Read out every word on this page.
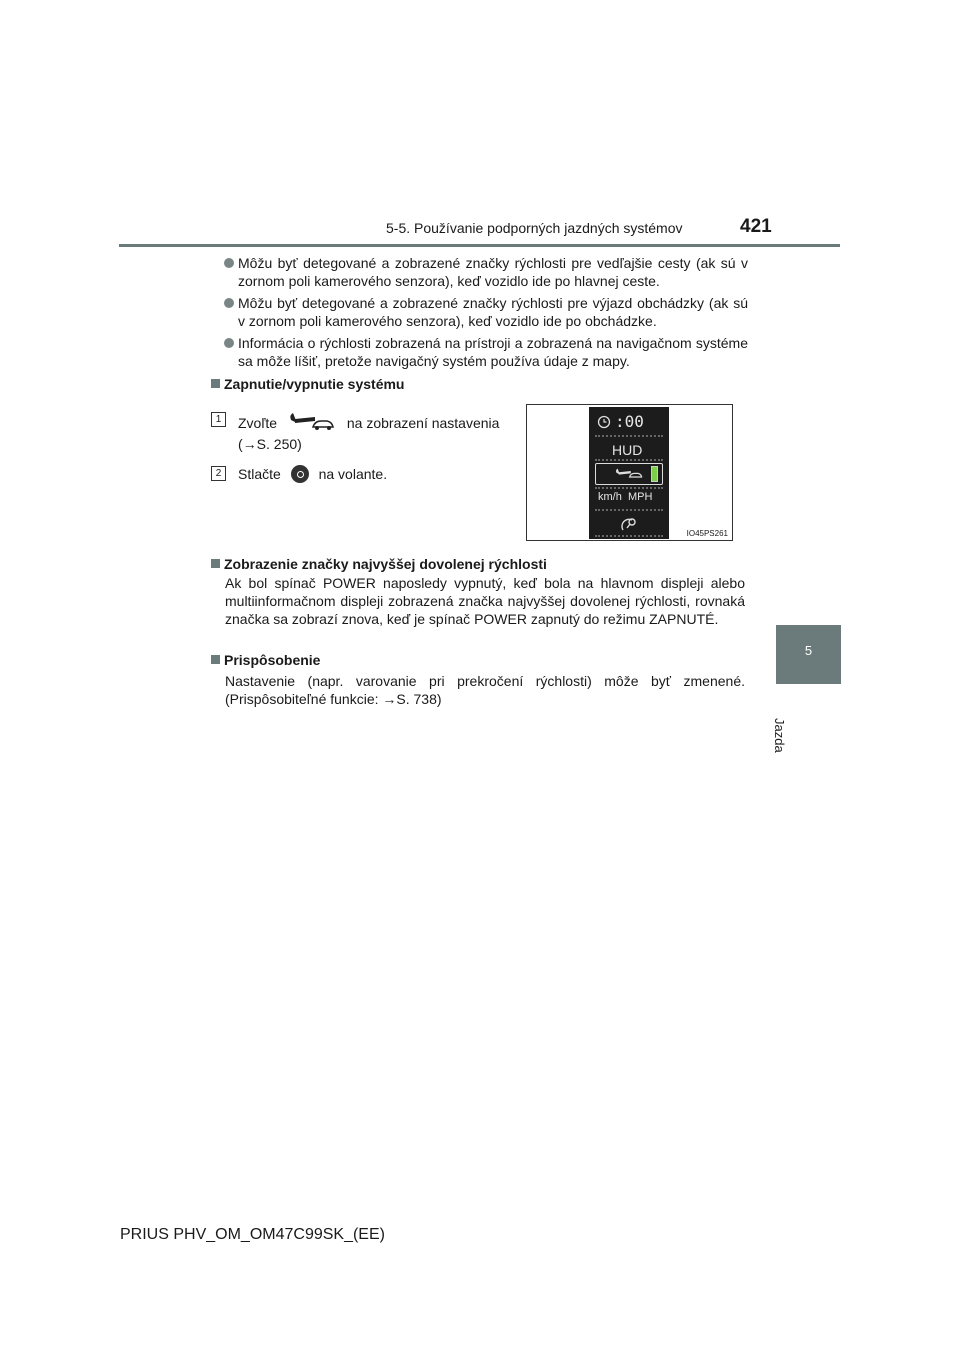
5-5. Používanie podporných jazdných systémov	421
5
Jazda
Môžu byť detegované a zobrazené značky rýchlosti pre vedľajšie cesty (ak sú v zornom poli kamerového senzora), keď vozidlo ide po hlavnej ceste.
Môžu byť detegované a zobrazené značky rýchlosti pre výjazd obchádzky (ak sú v zornom poli kamerového senzora), keď vozidlo ide po obchádzke.
Informácia o rýchlosti zobrazená na prístroji a zobrazená na navigačnom systéme sa môže líšiť, pretože navigačný systém používa údaje z mapy.
Zapnutie/vypnutie systému
1	Zvoľte	na zobrazení nastavenia
(→S. 250)
2	Stlačte	na volante.
:00
HUD
km/h  MPH
IO45PS261
Zobrazenie značky najvyššej dovolenej rýchlosti
Ak bol spínač POWER naposledy vypnutý, keď bola na hlavnom displeji alebo multiinformačnom displeji zobrazená značka najvyššej dovolenej rýchlosti, rovnaká značka sa zobrazí znova, keď je spínač POWER zapnutý do režimu ZAPNUTÉ.
Prispôsobenie
Nastavenie (napr. varovanie pri prekročení rýchlosti) môže byť zmenené. (Prispôsobiteľné funkcie: →S. 738)
PRIUS PHV_OM_OM47C99SK_(EE)
